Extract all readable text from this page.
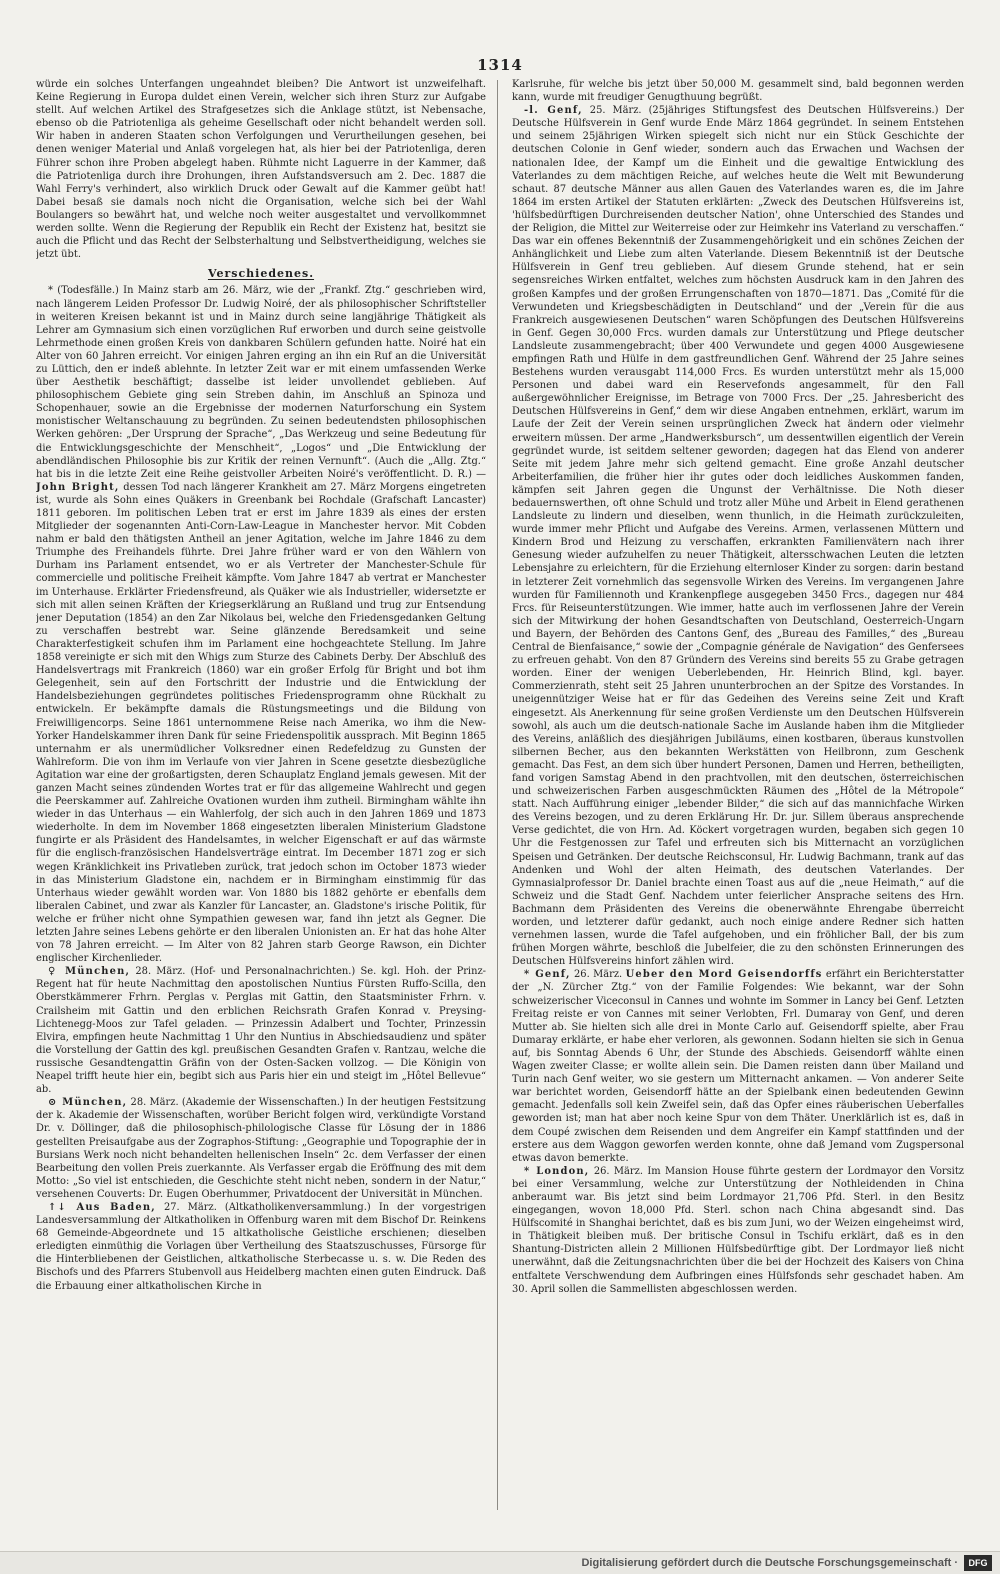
1314

würde ein solches Unterfangen ungeahndet bleiben? Die Antwort ist unzweifelhaft. Keine Regierung in Europa duldet einen Verein, welcher sich ihren Sturz zur Aufgabe stellt. Auf welchen Artikel des Strafgesetzes sich die Anklage stützt, ist Nebensache, ebenso ob die Patriotenliga als geheime Gesellschaft oder nicht behandelt werden soll. Wir haben in anderen Staaten schon Verfolgungen und Verurtheilungen gesehen, bei denen weniger Material und Anlaß vorgelegen hat, als hier bei der Patriotenliga, deren Führer schon ihre Proben abgelegt haben. Rühmte nicht Laguerre in der Kammer, daß die Patriotenliga durch ihre Drohungen, ihren Aufstandsversuch am 2. Dec. 1887 die Wahl Ferry's verhindert, also wirklich Druck oder Gewalt auf die Kammer geübt hat! Dabei besaß sie damals noch nicht die Organisation, welche sich bei der Wahl Boulangers so bewährt hat, und welche noch weiter ausgestaltet und vervollkommnet werden sollte. Wenn die Regierung der Republik ein Recht der Existenz hat, besitzt sie auch die Pflicht und das Recht der Selbsterhaltung und Selbstvertheidigung, welches sie jetzt übt.

Verschiedenes.

* (Todesfälle.) In Mainz starb am 26. März, wie der „Frankf. Ztg.“ geschrieben wird, nach längerem Leiden Professor Dr. Ludwig Noiré, der als philosophischer Schriftsteller in weiteren Kreisen bekannt ist und in Mainz durch seine langjährige Thätigkeit als Lehrer am Gymnasium sich einen vorzüglichen Ruf erworben und durch seine geistvolle Lehrmethode einen großen Kreis von dankbaren Schülern gefunden hatte. Noiré hat ein Alter von 60 Jahren erreicht. Vor einigen Jahren erging an ihn ein Ruf an die Universität zu Lüttich, den er indeß ablehnte. In letzter Zeit war er mit einem umfassenden Werke über Aesthetik beschäftigt; dasselbe ist leider unvollendet geblieben. Auf philosophischem Gebiete ging sein Streben dahin, im Anschluß an Spinoza und Schopenhauer, sowie an die Ergebnisse der modernen Naturforschung ein System monistischer Weltanschauung zu begründen. Zu seinen bedeutendsten philosophischen Werken gehören: „Der Ursprung der Sprache“, „Das Werkzeug und seine Bedeutung für die Entwicklungsgeschichte der Menschheit“, „Logos“ und „Die Entwicklung der abendländischen Philosophie bis zur Kritik der reinen Vernunft“. (Auch die „Allg. Ztg.“ hat bis in die letzte Zeit eine Reihe geistvoller Arbeiten Noiré's veröffentlicht. D. R.) — John Bright, dessen Tod nach längerer Krankheit am 27. März Morgens eingetreten ist, wurde als Sohn eines Quäkers in Greenbank bei Rochdale (Grafschaft Lancaster) 1811 geboren. Im politischen Leben trat er erst im Jahre 1839 als eines der ersten Mitglieder der sogenannten Anti-Corn-Law-League in Manchester hervor. Mit Cobden nahm er bald den thätigsten Antheil an jener Agitation, welche im Jahre 1846 zu dem Triumphe des Freihandels führte. Drei Jahre früher ward er von den Wählern von Durham ins Parlament entsendet, wo er als Vertreter der Manchester-Schule für commercielle und politische Freiheit kämpfte. Vom Jahre 1847 ab vertrat er Manchester im Unterhause. Erklärter Friedensfreund, als Quäker wie als Industrieller, widersetzte er sich mit allen seinen Kräften der Kriegserklärung an Rußland und trug zur Entsendung jener Deputation (1854) an den Zar Nikolaus bei, welche den Friedensgedanken Geltung zu verschaffen bestrebt war. Seine glänzende Beredsamkeit und seine Charakterfestigkeit schufen ihm im Parlament eine hochgeachtete Stellung. Im Jahre 1858 vereinigte er sich mit den Whigs zum Sturze des Cabinets Derby. Der Abschluß des Handelsvertrags mit Frankreich (1860) war ein großer Erfolg für Bright und bot ihm Gelegenheit, sein auf den Fortschritt der Industrie und die Entwicklung der Handelsbeziehungen gegründetes politisches Friedensprogramm ohne Rückhalt zu entwickeln. Er bekämpfte damals die Rüstungsmeetings und die Bildung von Freiwilligencorps. Seine 1861 unternommene Reise nach Amerika, wo ihm die New-Yorker Handelskammer ihren Dank für seine Friedenspolitik aussprach. Mit Beginn 1865 unternahm er als unermüdlicher Volksredner einen Redefeldzug zu Gunsten der Wahlreform. Die von ihm im Verlaufe von vier Jahren in Scene gesetzte diesbezügliche Agitation war eine der großartigsten, deren Schauplatz England jemals gewesen. Mit der ganzen Macht seines zündenden Wortes trat er für das allgemeine Wahlrecht und gegen die Peerskammer auf. Zahlreiche Ovationen wurden ihm zutheil. Birmingham wählte ihn wieder in das Unterhaus — ein Wahlerfolg, der sich auch in den Jahren 1869 und 1873 wiederholte. In dem im November 1868 eingesetzten liberalen Ministerium Gladstone fungirte er als Präsident des Handelsamtes, in welcher Eigenschaft er auf das wärmste für die englisch-französischen Handelsverträge eintrat. Im December 1871 zog er sich wegen Kränklichkeit ins Privatleben zurück, trat jedoch schon im October 1873 wieder in das Ministerium Gladstone ein, nachdem er in Birmingham einstimmig für das Unterhaus wieder gewählt worden war. Von 1880 bis 1882 gehörte er ebenfalls dem liberalen Cabinet, und zwar als Kanzler für Lancaster, an. Gladstone's irische Politik, für welche er früher nicht ohne Sympathien gewesen war, fand ihn jetzt als Gegner. Die letzten Jahre seines Lebens gehörte er den liberalen Unionisten an. Er hat das hohe Alter von 78 Jahren erreicht. — Im Alter von 82 Jahren starb George Rawson, ein Dichter englischer Kirchenlieder.

♀ München, 28. März. (Hof- und Personalnachrichten.) Se. kgl. Hoh. der Prinz-Regent hat für heute Nachmittag den apostolischen Nuntius Fürsten Ruffo-Scilla, den Oberstkämmerer Frhrn. Perglas v. Perglas mit Gattin, den Staatsminister Frhrn. v. Crailsheim mit Gattin und den erblichen Reichsrath Grafen Konrad v. Preysing-Lichtenegg-Moos zur Tafel geladen. — Prinzessin Adalbert und Tochter, Prinzessin Elvira, empfingen heute Nachmittag 1 Uhr den Nuntius in Abschiedsaudienz und später die Vorstellung der Gattin des kgl. preußischen Gesandten Grafen v. Rantzau, welche die russische Gesandtengattin Gräfin von der Osten-Sacken vollzog. — Die Königin von Neapel trifft heute hier ein, begibt sich aus Paris hier ein und steigt im „Hôtel Bellevue“ ab.

⊙ München, 28. März. (Akademie der Wissenschaften.) In der heutigen Festsitzung der k. Akademie der Wissenschaften, worüber Bericht folgen wird, verkündigte Vorstand Dr. v. Döllinger, daß die philosophisch-philologische Classe für Lösung der in 1886 gestellten Preisaufgabe aus der Zographos-Stiftung: „Geographie und Topographie der in Bursians Werk noch nicht behandelten hellenischen Inseln“ 2c. dem Verfasser der einen Bearbeitung den vollen Preis zuerkannte. Als Verfasser ergab die Eröffnung des mit dem Motto: „So viel ist entschieden, die Geschichte steht nicht neben, sondern in der Natur,“ versehenen Couverts: Dr. Eugen Oberhummer, Privatdocent der Universität in München.

↑↓ Aus Baden, 27. März. (Altkatholikenversammlung.) In der vorgestrigen Landesversammlung der Altkatholiken in Offenburg waren mit dem Bischof Dr. Reinkens 68 Gemeinde-Abgeordnete und 15 altkatholische Geistliche erschienen; dieselben erledigten einmüthig die Vorlagen über Vertheilung des Staatszuschusses, Fürsorge für die Hinterbliebenen der Geistlichen, altkatholische Sterbecasse u. s. w. Die Reden des Bischofs und des Pfarrers Stubenvoll aus Heidelberg machten einen guten Eindruck. Daß die Erbauung einer altkatholischen Kirche in

Karlsruhe, für welche bis jetzt über 50,000 M. gesammelt sind, bald begonnen werden kann, wurde mit freudiger Genugthuung begrüßt.

-l. Genf, 25. März. (25jähriges Stiftungsfest des Deutschen Hülfsvereins.) Der Deutsche Hülfsverein in Genf wurde Ende März 1864 gegründet. In seinem Entstehen und seinem 25jährigen Wirken spiegelt sich nicht nur ein Stück Geschichte der deutschen Colonie in Genf wieder, sondern auch das Erwachen und Wachsen der nationalen Idee, der Kampf um die Einheit und die gewaltige Entwicklung des Vaterlandes zu dem mächtigen Reiche, auf welches heute die Welt mit Bewunderung schaut. 87 deutsche Männer aus allen Gauen des Vaterlandes waren es, die im Jahre 1864 im ersten Artikel der Statuten erklärten: „Zweck des Deutschen Hülfsvereins ist, 'hülfsbedürftigen Durchreisenden deutscher Nation', ohne Unterschied des Standes und der Religion, die Mittel zur Weiterreise oder zur Heimkehr ins Vaterland zu verschaffen.“ Das war ein offenes Bekenntniß der Zusammengehörigkeit und ein schönes Zeichen der Anhänglichkeit und Liebe zum alten Vaterlande. Diesem Bekenntniß ist der Deutsche Hülfsverein in Genf treu geblieben. Auf diesem Grunde stehend, hat er sein segensreiches Wirken entfaltet, welches zum höchsten Ausdruck kam in den Jahren des großen Kampfes und der großen Errungenschaften von 1870—1871. Das „Comité für die Verwundeten und Kriegsbeschädigten in Deutschland“ und der „Verein für die aus Frankreich ausgewiesenen Deutschen“ waren Schöpfungen des Deutschen Hülfsvereins in Genf. Gegen 30,000 Frcs. wurden damals zur Unterstützung und Pflege deutscher Landsleute zusammengebracht; über 400 Verwundete und gegen 4000 Ausgewiesene empfingen Rath und Hülfe in dem gastfreundlichen Genf. Während der 25 Jahre seines Bestehens wurden verausgabt 114,000 Frcs. Es wurden unterstützt mehr als 15,000 Personen und dabei ward ein Reservefonds angesammelt, für den Fall außergewöhnlicher Ereignisse, im Betrage von 7000 Frcs. Der „25. Jahresbericht des Deutschen Hülfsvereins in Genf,“ dem wir diese Angaben entnehmen, erklärt, warum im Laufe der Zeit der Verein seinen ursprünglichen Zweck hat ändern oder vielmehr erweitern müssen. Der arme „Handwerksbursch“, um dessentwillen eigentlich der Verein gegründet wurde, ist seitdem seltener geworden; dagegen hat das Elend von anderer Seite mit jedem Jahre mehr sich geltend gemacht. Eine große Anzahl deutscher Arbeiterfamilien, die früher hier ihr gutes oder doch leidliches Auskommen fanden, kämpfen seit Jahren gegen die Ungunst der Verhältnisse. Die Noth dieser bedauernswerthen, oft ohne Schuld und trotz aller Mühe und Arbeit in Elend gerathenen Landsleute zu lindern und dieselben, wenn thunlich, in die Heimath zurückzuleiten, wurde immer mehr Pflicht und Aufgabe des Vereins. Armen, verlassenen Müttern und Kindern Brod und Heizung zu verschaffen, erkrankten Familienvätern nach ihrer Genesung wieder aufzuhelfen zu neuer Thätigkeit, altersschwachen Leuten die letzten Lebensjahre zu erleichtern, für die Erziehung elternloser Kinder zu sorgen: darin bestand in letzterer Zeit vornehmlich das segensvolle Wirken des Vereins. Im vergangenen Jahre wurden für Familiennoth und Krankenpflege ausgegeben 3450 Frcs., dagegen nur 484 Frcs. für Reiseunterstützungen. Wie immer, hatte auch im verflossenen Jahre der Verein sich der Mitwirkung der hohen Gesandtschaften von Deutschland, Oesterreich-Ungarn und Bayern, der Behörden des Cantons Genf, des „Bureau des Familles,“ des „Bureau Central de Bienfaisance,“ sowie der „Compagnie générale de Navigation“ des Genfersees zu erfreuen gehabt. Von den 87 Gründern des Vereins sind bereits 55 zu Grabe getragen worden. Einer der wenigen Ueberlebenden, Hr. Heinrich Blind, kgl. bayer. Commerzienrath, steht seit 25 Jahren ununterbrochen an der Spitze des Vorstandes. In uneigennütziger Weise hat er für das Gedeihen des Vereins seine Zeit und Kraft eingesetzt. Als Anerkennung für seine großen Verdienste um den Deutschen Hülfsverein sowohl, als auch um die deutsch-nationale Sache im Auslande haben ihm die Mitglieder des Vereins, anläßlich des diesjährigen Jubiläums, einen kostbaren, überaus kunstvollen silbernen Becher, aus den bekannten Werkstätten von Heilbronn, zum Geschenk gemacht. Das Fest, an dem sich über hundert Personen, Damen und Herren, betheiligten, fand vorigen Samstag Abend in den prachtvollen, mit den deutschen, österreichischen und schweizerischen Farben ausgeschmückten Räumen des „Hôtel de la Métropole“ statt. Nach Aufführung einiger „lebender Bilder,“ die sich auf das mannichfache Wirken des Vereins bezogen, und zu deren Erklärung Hr. Dr. jur. Sillem überaus ansprechende Verse gedichtet, die von Hrn. Ad. Köckert vorgetragen wurden, begaben sich gegen 10 Uhr die Festgenossen zur Tafel und erfreuten sich bis Mitternacht an vorzüglichen Speisen und Getränken. Der deutsche Reichsconsul, Hr. Ludwig Bachmann, trank auf das Andenken und Wohl der alten Heimath, des deutschen Vaterlandes. Der Gymnasialprofessor Dr. Daniel brachte einen Toast aus auf die „neue Heimath,“ auf die Schweiz und die Stadt Genf. Nachdem unter feierlicher Ansprache seitens des Hrn. Bachmann dem Präsidenten des Vereins die obenerwähnte Ehrengabe überreicht worden, und letzterer dafür gedankt, auch noch einige andere Redner sich hatten vernehmen lassen, wurde die Tafel aufgehoben, und ein fröhlicher Ball, der bis zum frühen Morgen währte, beschloß die Jubelfeier, die zu den schönsten Erinnerungen des Deutschen Hülfsvereins hinfort zählen wird.

* Genf, 26. März. Ueber den Mord Geisendorffs erfährt ein Berichterstatter der „N. Zürcher Ztg.“ von der Familie Folgendes: Wie bekannt, war der Sohn schweizerischer Viceconsul in Cannes und wohnte im Sommer in Lancy bei Genf. Letzten Freitag reiste er von Cannes mit seiner Verlobten, Frl. Dumaray von Genf, und deren Mutter ab. Sie hielten sich alle drei in Monte Carlo auf. Geisendorff spielte, aber Frau Dumaray erklärte, er habe eher verloren, als gewonnen. Sodann hielten sie sich in Genua auf, bis Sonntag Abends 6 Uhr, der Stunde des Abschieds. Geisendorff wählte einen Wagen zweiter Classe; er wollte allein sein. Die Damen reisten dann über Mailand und Turin nach Genf weiter, wo sie gestern um Mitternacht ankamen. — Von anderer Seite war berichtet worden, Geisendorff hätte an der Spielbank einen bedeutenden Gewinn gemacht. Jedenfalls soll kein Zweifel sein, daß das Opfer eines räuberischen Ueberfalles geworden ist; man hat aber noch keine Spur von dem Thäter. Unerklärlich ist es, daß in dem Coupé zwischen dem Reisenden und dem Angreifer ein Kampf stattfinden und der erstere aus dem Waggon geworfen werden konnte, ohne daß Jemand vom Zugspersonal etwas davon bemerkte.

* London, 26. März. Im Mansion House führte gestern der Lordmayor den Vorsitz bei einer Versammlung, welche zur Unterstützung der Nothleidenden in China anberaumt war. Bis jetzt sind beim Lordmayor 21,706 Pfd. Sterl. in den Besitz eingegangen, wovon 18,000 Pfd. Sterl. schon nach China abgesandt sind. Das Hülfscomité in Shanghai berichtet, daß es bis zum Juni, wo der Weizen eingeheimst wird, in Thätigkeit bleiben muß. Der britische Consul in Tschifu erklärt, daß es in den Shantung-Districten allein 2 Millionen Hülfsbedürftige gibt. Der Lordmayor ließ nicht unerwähnt, daß die Zeitungsnachrichten über die bei der Hochzeit des Kaisers von China entfaltete Verschwendung dem Aufbringen eines Hülfsfonds sehr geschadet haben. Am 30. April sollen die Sammellisten abgeschlossen werden.

Digitalisierung gefördert durch die Deutsche Forschungsgemeinschaft ·	DFG
